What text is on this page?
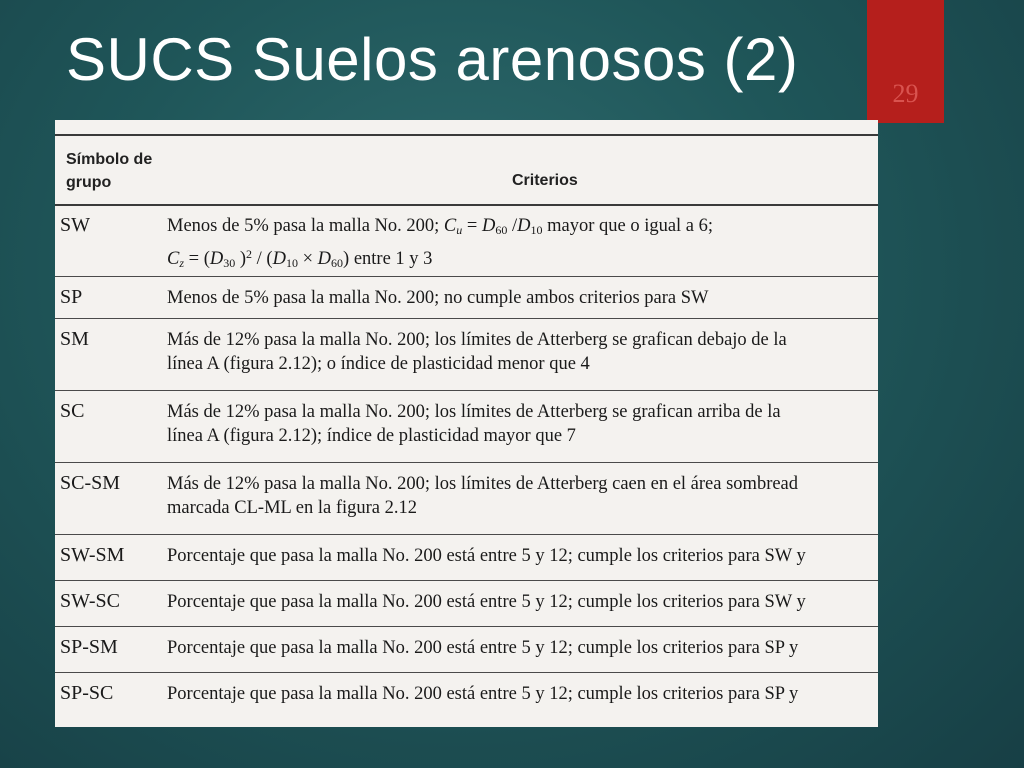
SUCS Suelos arenosos (2)
29
Símbolo de
grupo	Criterios
SW	Menos de 5% pasa la malla No. 200; $C_u = D_{60}$ $/D_{10}$ mayor que o igual a 6;
$C_z = (D_{30}$ )$^2 / (D_{10} \times D_{60})$ entre 1 y 3
SP	Menos de 5% pasa la malla No. 200; no cumple ambos criterios para SW
SM	Más de 12% pasa la malla No. 200; los límites de Atterberg se grafican debajo de la
línea A (figura 2.12); o índice de plasticidad menor que 4
SC	Más de 12% pasa la malla No. 200; los límites de Atterberg se grafican arriba de la
línea A (figura 2.12); índice de plasticidad mayor que 7
SC-SM	Más de 12% pasa la malla No. 200; los límites de Atterberg caen en el área sombread
marcada CL-ML en la figura 2.12
SW-SM Porcentaje que pasa la malla No. 200 está entre 5 y 12; cumple los criterios para SW y
SW-SC	Porcentaje que pasa la malla No. 200 está entre 5 y 12; cumple los criterios para SW y
SP-SM	Porcentaje que pasa la malla No. 200 está entre 5 y 12; cumple los criterios para SP y
SP-SC	Porcentaje que pasa la malla No. 200 está entre 5 y 12; cumple los criterios para SP y
